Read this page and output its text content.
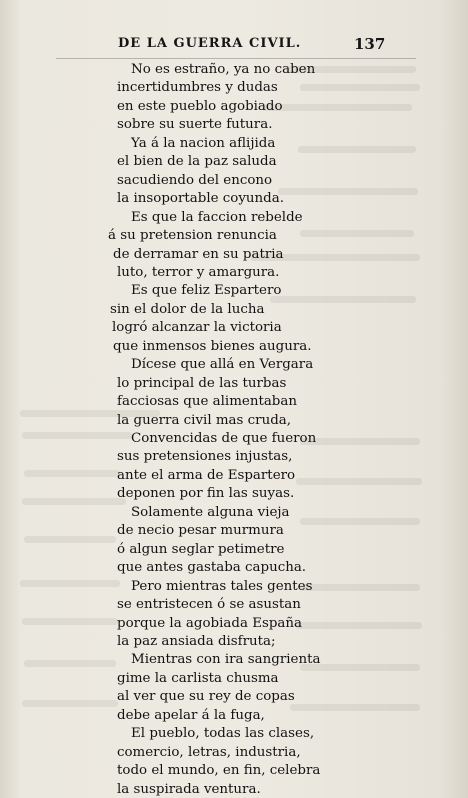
DE LA GUERRA CIVIL.	137
No es estraño, ya no caben
incertidumbres y dudas
en este pueblo agobiado
sobre su suerte futura.
Ya á la nacion aflijida
el bien de la paz saluda
sacudiendo del encono
la insoportable coyunda.
Es que la faccion rebelde
á su pretension renuncia
de derramar en su patria
luto, terror y amargura.
Es que feliz Espartero
sin el dolor de la lucha
logró alcanzar la victoria
que inmensos bienes augura.
Dícese que allá en Vergara
lo principal de las turbas
facciosas que alimentaban
la guerra civil mas cruda,
Convencidas de que fueron
sus pretensiones injustas,
ante el arma de Espartero
deponen por fin las suyas.
Solamente alguna vieja
de necio pesar murmura
ó algun seglar petimetre
que antes gastaba capucha.
Pero mientras tales gentes
se entristecen ó se asustan
porque la agobiada España
la paz ansiada disfruta;
Mientras con ira sangrienta
gime la carlista chusma
al ver que su rey de copas
debe apelar á la fuga,
El pueblo, todas las clases,
comercio, letras, industria,
todo el mundo, en fin, celebra
la suspirada ventura.
